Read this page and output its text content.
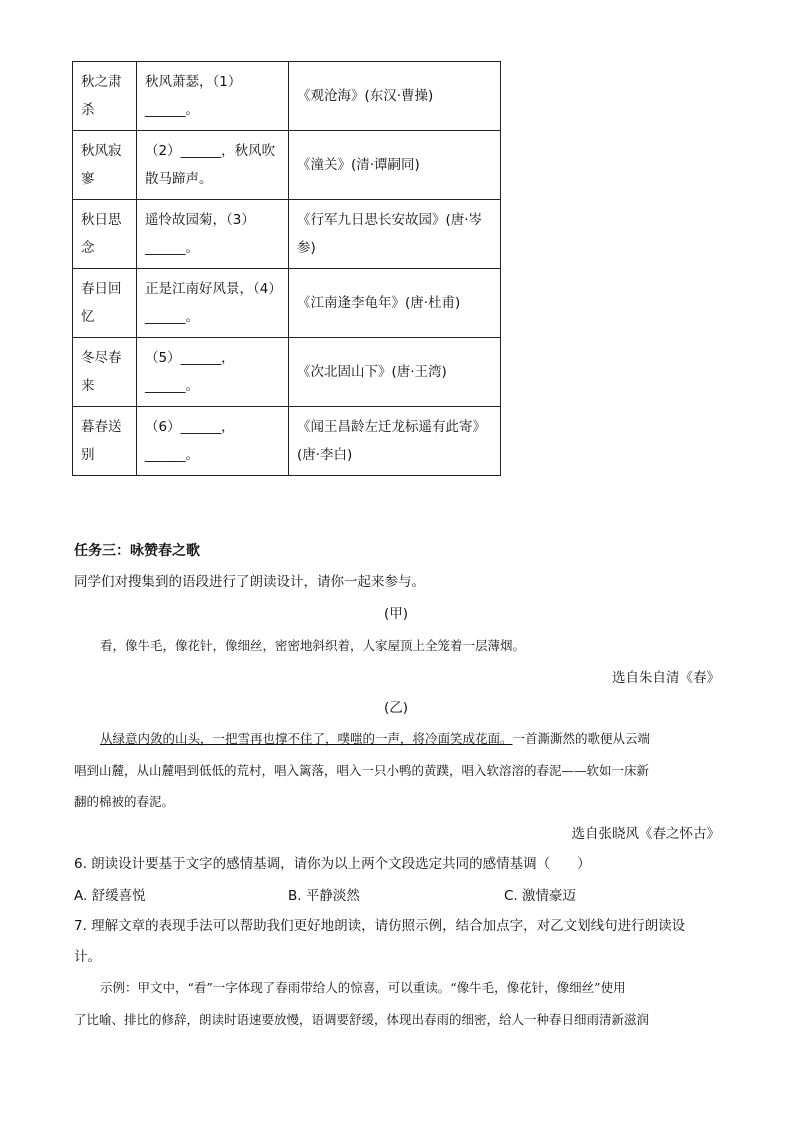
秋之肃杀	秋风萧瑟，（1）______。	《观沧海》(东汉·曹操)
秋风寂寥	（2）______，秋风吹散马蹄声。	《潼关》(清·谭嗣同)
秋日思念	遥怜故园菊，（3）______。	《行军九日思长安故园》(唐·岑参)
春日回忆	正是江南好风景，（4）______。	《江南逢李龟年》(唐·杜甫)
冬尽春来	（5）______，______。	《次北固山下》(唐·王湾)
暮春送别	（6）______，______。	《闻王昌龄左迁龙标遥有此寄》(唐·李白)
任务三：咏赞春之歌
同学们对搜集到的语段进行了朗读设计，请你一起来参与。
(甲)
看，像牛毛，像花针，像细丝，密密地斜织着，人家屋顶上全笼着一层薄烟。
选自朱自清《春》
(乙)
从绿意内敛的山头，一把雪再也撑不住了，噗嗤的一声，将冷面笑成花面。一首澌澌然的歌便从云端
唱到山麓，从山麓唱到低低的荒村，唱入篱落，唱入一只小鸭的黄蹼，唱入软溶溶的春泥——软如一床新
翻的棉被的春泥。
选自张晓风《春之怀古》
6. 朗读设计要基于文字的感情基调，请你为以上两个文段选定共同的感情基调（　　）
A. 舒缓喜悦	B. 平静淡然	C. 激情豪迈
7. 理解文章的表现手法可以帮助我们更好地朗读，请仿照示例，结合加点字，对乙文划线句进行朗读设
计。
示例：甲文中，“看”一字体现了春雨带给人的惊喜，可以重读。“像牛毛，像花针，像细丝”使用
了比喻、排比的修辞，朗读时语速要放慢，语调要舒缓，体现出春雨的细密，给人一种春日细雨清新滋润
